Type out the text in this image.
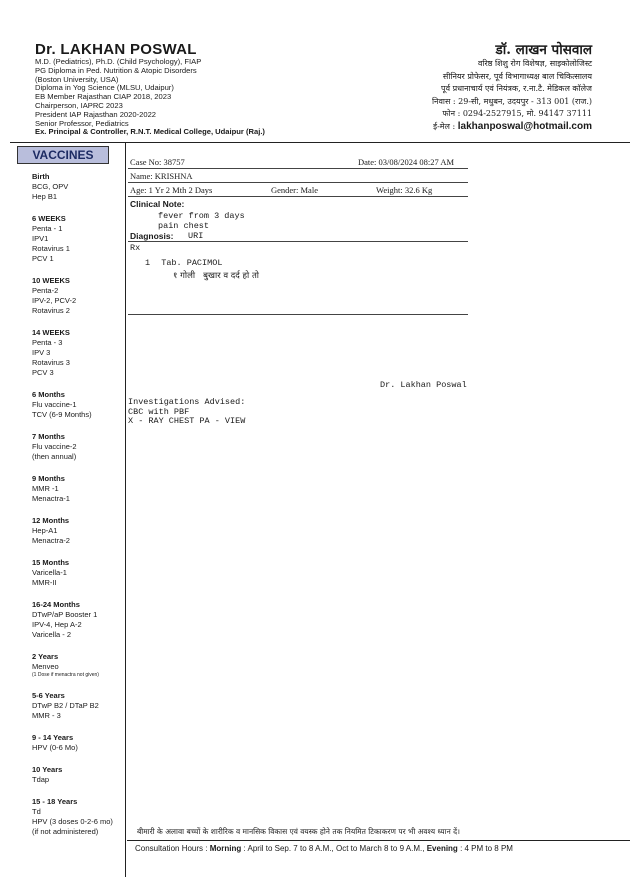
Dr. LAKHAN POSWAL
M.D. (Pediatrics), Ph.D. (Child Psychology), FIAP
PG Diploma in Ped. Nutrition & Atopic Disorders
(Boston University, USA)
Diploma in Yog Science (MLSU, Udaipur)
EB Member Rajasthan CIAP 2018, 2023
Chairperson, IAPRC 2023
President IAP Rajasthan 2020-2022
Senior Professor, Pediatrics
Ex. Principal & Controller, R.N.T. Medical College, Udaipur (Raj.)
डॉ. लाखन पोसवाल
वरिष्ठ शिशु रोग विशेषज्ञ, साइकोलोजिस्ट
सीनियर प्रोफेसर, पूर्व विभागाध्यक्ष बाल चिकित्सालय
पूर्व प्रधानाचार्य एवं नियंत्रक, र.ना.टै. मेडिकल कॉलेज
निवास : 29-सी, मधुबन, उदयपुर - 313 001 (राज.)
फोन : 0294-2527915, मो. 94147 37111
ई-मेल : lakhanposwal@hotmail.com
VACCINES
Birth
BCG, OPV
Hep B1
6 WEEKS
Penta - 1
IPV1
Rotavirus 1
PCV 1
10 WEEKS
Penta-2
IPV-2, PCV-2
Rotavirus 2
14 WEEKS
Penta - 3
IPV 3
Rotavirus 3
PCV 3
6 Months
Flu vaccine-1
TCV (6-9 Months)
7 Months
Flu vaccine-2
(then annual)
9 Months
MMR -1
Menactra-1
12 Months
Hep-A1
Menactra-2
15 Months
Varicella-1
MMR-II
16-24 Months
DTwP/aP Booster 1
IPV-4, Hep A-2
Varicella - 2
2 Years
Menveo
(1 Dose if menactra not given)
5-6 Years
DTwP B2 / DTaP B2
MMR - 3
9 - 14 Years
HPV (0-6 Mo)
10 Years
Tdap
15 - 18 Years
Td
HPV (3 doses 0-2-6 mo)
(if not administered)
Case No: 38757	Date: 03/08/2024 08:27 AM
Name: KRISHNA
Age: 1 Yr 2 Mth 2 Days	Gender: Male	Weight: 32.6 Kg
Clinical Note:
fever from 3 days
pain chest
Diagnosis: URI
Rx
1 Tab. PACIMOL
१ गोली   बुखार व दर्द हो तो
Dr. Lakhan Poswal
Investigations Advised:
CBC with PBF
X - RAY CHEST PA - VIEW
बीमारी के अलावा बच्चों के शारीरिक व मानसिक विकास एवं वयस्क होने तक नियमित टिकाकरण पर भी अवश्य ध्यान दें।
Consultation Hours : Morning : April to Sep. 7 to 8 A.M., Oct to March 8 to 9 A.M., Evening : 4 PM to 8 PM
